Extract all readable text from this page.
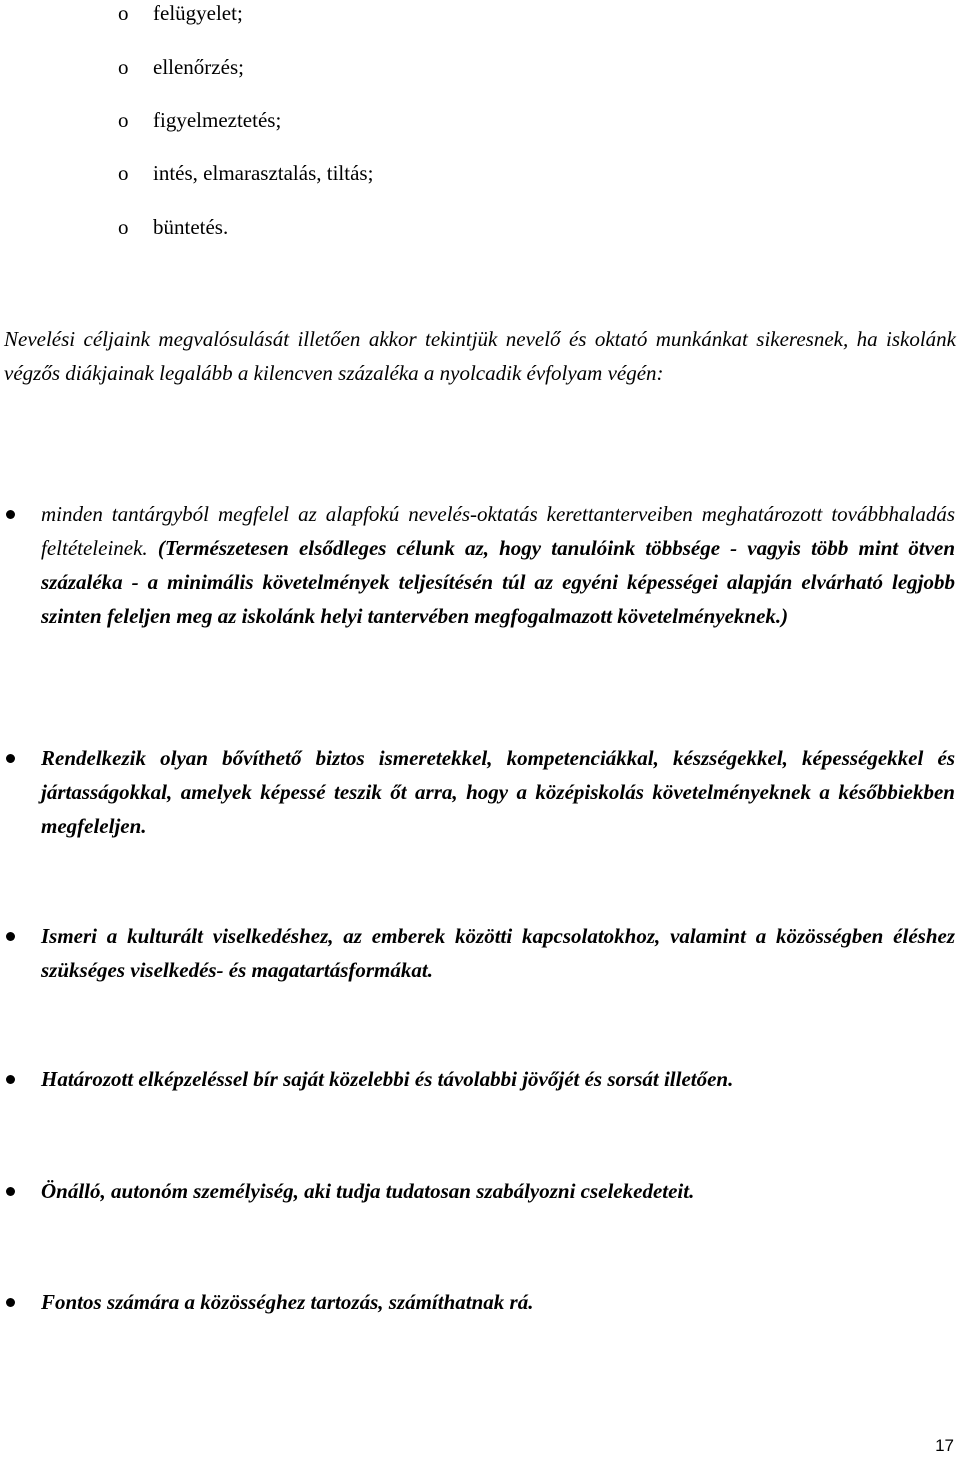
o felügyelet;
o ellenőrzés;
o figyelmeztetés;
o intés, elmarasztalás, tiltás;
o büntetés.
Nevelési céljaink megvalósulását illetően akkor tekintjük nevelő és oktató munkánkat sikeresnek, ha iskolánk végzős diákjainak legalább a kilencven százaléka a nyolcadik évfolyam végén:
minden tantárgyból megfelel az alapfokú nevelés-oktatás kerettanterveiben meghatározott továbbhaladás feltételeinek. (Természetesen elsődleges célunk az, hogy tanulóink többsége - vagyis több mint ötven százaléka - a minimális követelmények teljesítésén túl az egyéni képességei alapján elvárható legjobb szinten feleljen meg az iskolánk helyi tantervében megfogalmazott követelményeknek.)
Rendelkezik olyan bővíthető biztos ismeretekkel, kompetenciákkal, készségekkel, képességekkel és jártasságokkal, amelyek képessé teszik őt arra, hogy a középiskolás követelményeknek a későbbiekben megfeleljen.
Ismeri a kulturált viselkedéshez, az emberek közötti kapcsolatokhoz, valamint a közösségben éléshez szükséges viselkedés- és magatartásformákat.
Határozott elképzeléssel bír saját közelebbi és távolabbi jövőjét és sorsát illetően.
Önálló, autonóm személyiség, aki tudja tudatosan szabályozni cselekedeteit.
Fontos számára a közösséghez tartozás, számíthatnak rá.
17
